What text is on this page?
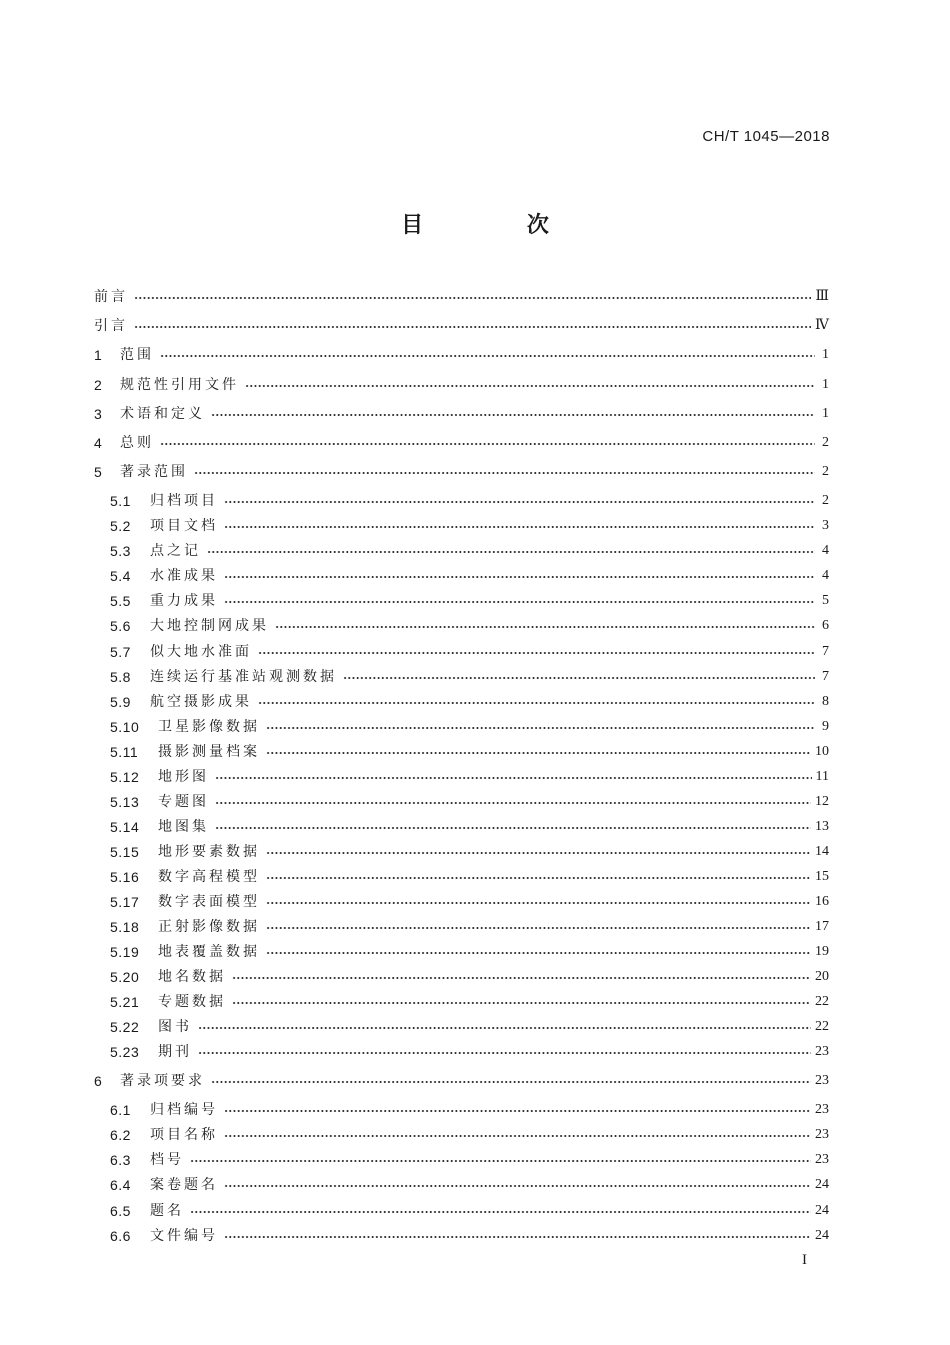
CH/T 1045—2018
目 次
前言	Ⅲ
引言	Ⅳ
1	范围	1
2	规范性引用文件	1
3	术语和定义	1
4	总则	2
5	著录范围	2
5.1	归档项目	2
5.2	项目文档	3
5.3	点之记	4
5.4	水准成果	4
5.5	重力成果	5
5.6	大地控制网成果	6
5.7	似大地水准面	7
5.8	连续运行基准站观测数据	7
5.9	航空摄影成果	8
5.10	卫星影像数据	9
5.11	摄影测量档案	10
5.12	地形图	11
5.13	专题图	12
5.14	地图集	13
5.15	地形要素数据	14
5.16	数字高程模型	15
5.17	数字表面模型	16
5.18	正射影像数据	17
5.19	地表覆盖数据	19
5.20	地名数据	20
5.21	专题数据	22
5.22	图书	22
5.23	期刊	23
6	著录项要求	23
6.1	归档编号	23
6.2	项目名称	23
6.3	档号	23
6.4	案卷题名	24
6.5	题名	24
6.6	文件编号	24
I
